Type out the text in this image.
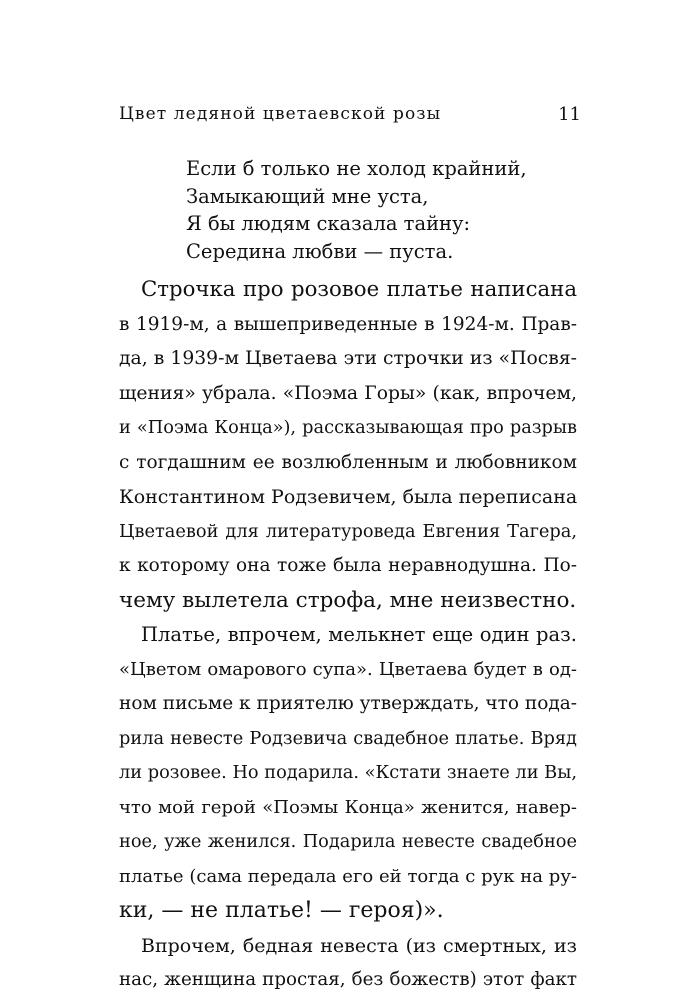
Цвет ледяной цветаевской розы	11
Если б только не холод крайний,
Замыкающий мне уста,
Я бы людям сказала тайну:
Середина любви — пуста.
Строчка про розовое платье написана
в 1919-м, а вышеприведенные в 1924-м. Прав-
да, в 1939-м Цветаева эти строчки из «Посвя-
щения» убрала. «Поэма Горы» (как, впрочем,
и «Поэма Конца»), рассказывающая про разрыв
с тогдашним ее возлюбленным и любовником
Константином Родзевичем, была переписана
Цветаевой для литературоведа Евгения Тагера,
к которому она тоже была неравнодушна. По-
чему вылетела строфа, мне неизвестно.
Платье, впрочем, мелькнет еще один раз.
«Цветом омарового супа». Цветаева будет в од-
ном письме к приятелю утверждать, что пода-
рила невесте Родзевича свадебное платье. Вряд
ли розовее. Но подарила. «Кстати знаете ли Вы,
что мой герой «Поэмы Конца» женится, навер-
ное, уже женился. Подарила невесте свадебное
платье (сама передала его ей тогда с рук на ру-
ки, — не платье! — героя)».
Впрочем, бедная невеста (из смертных, из
нас, женщина простая, без божеств) этот факт
